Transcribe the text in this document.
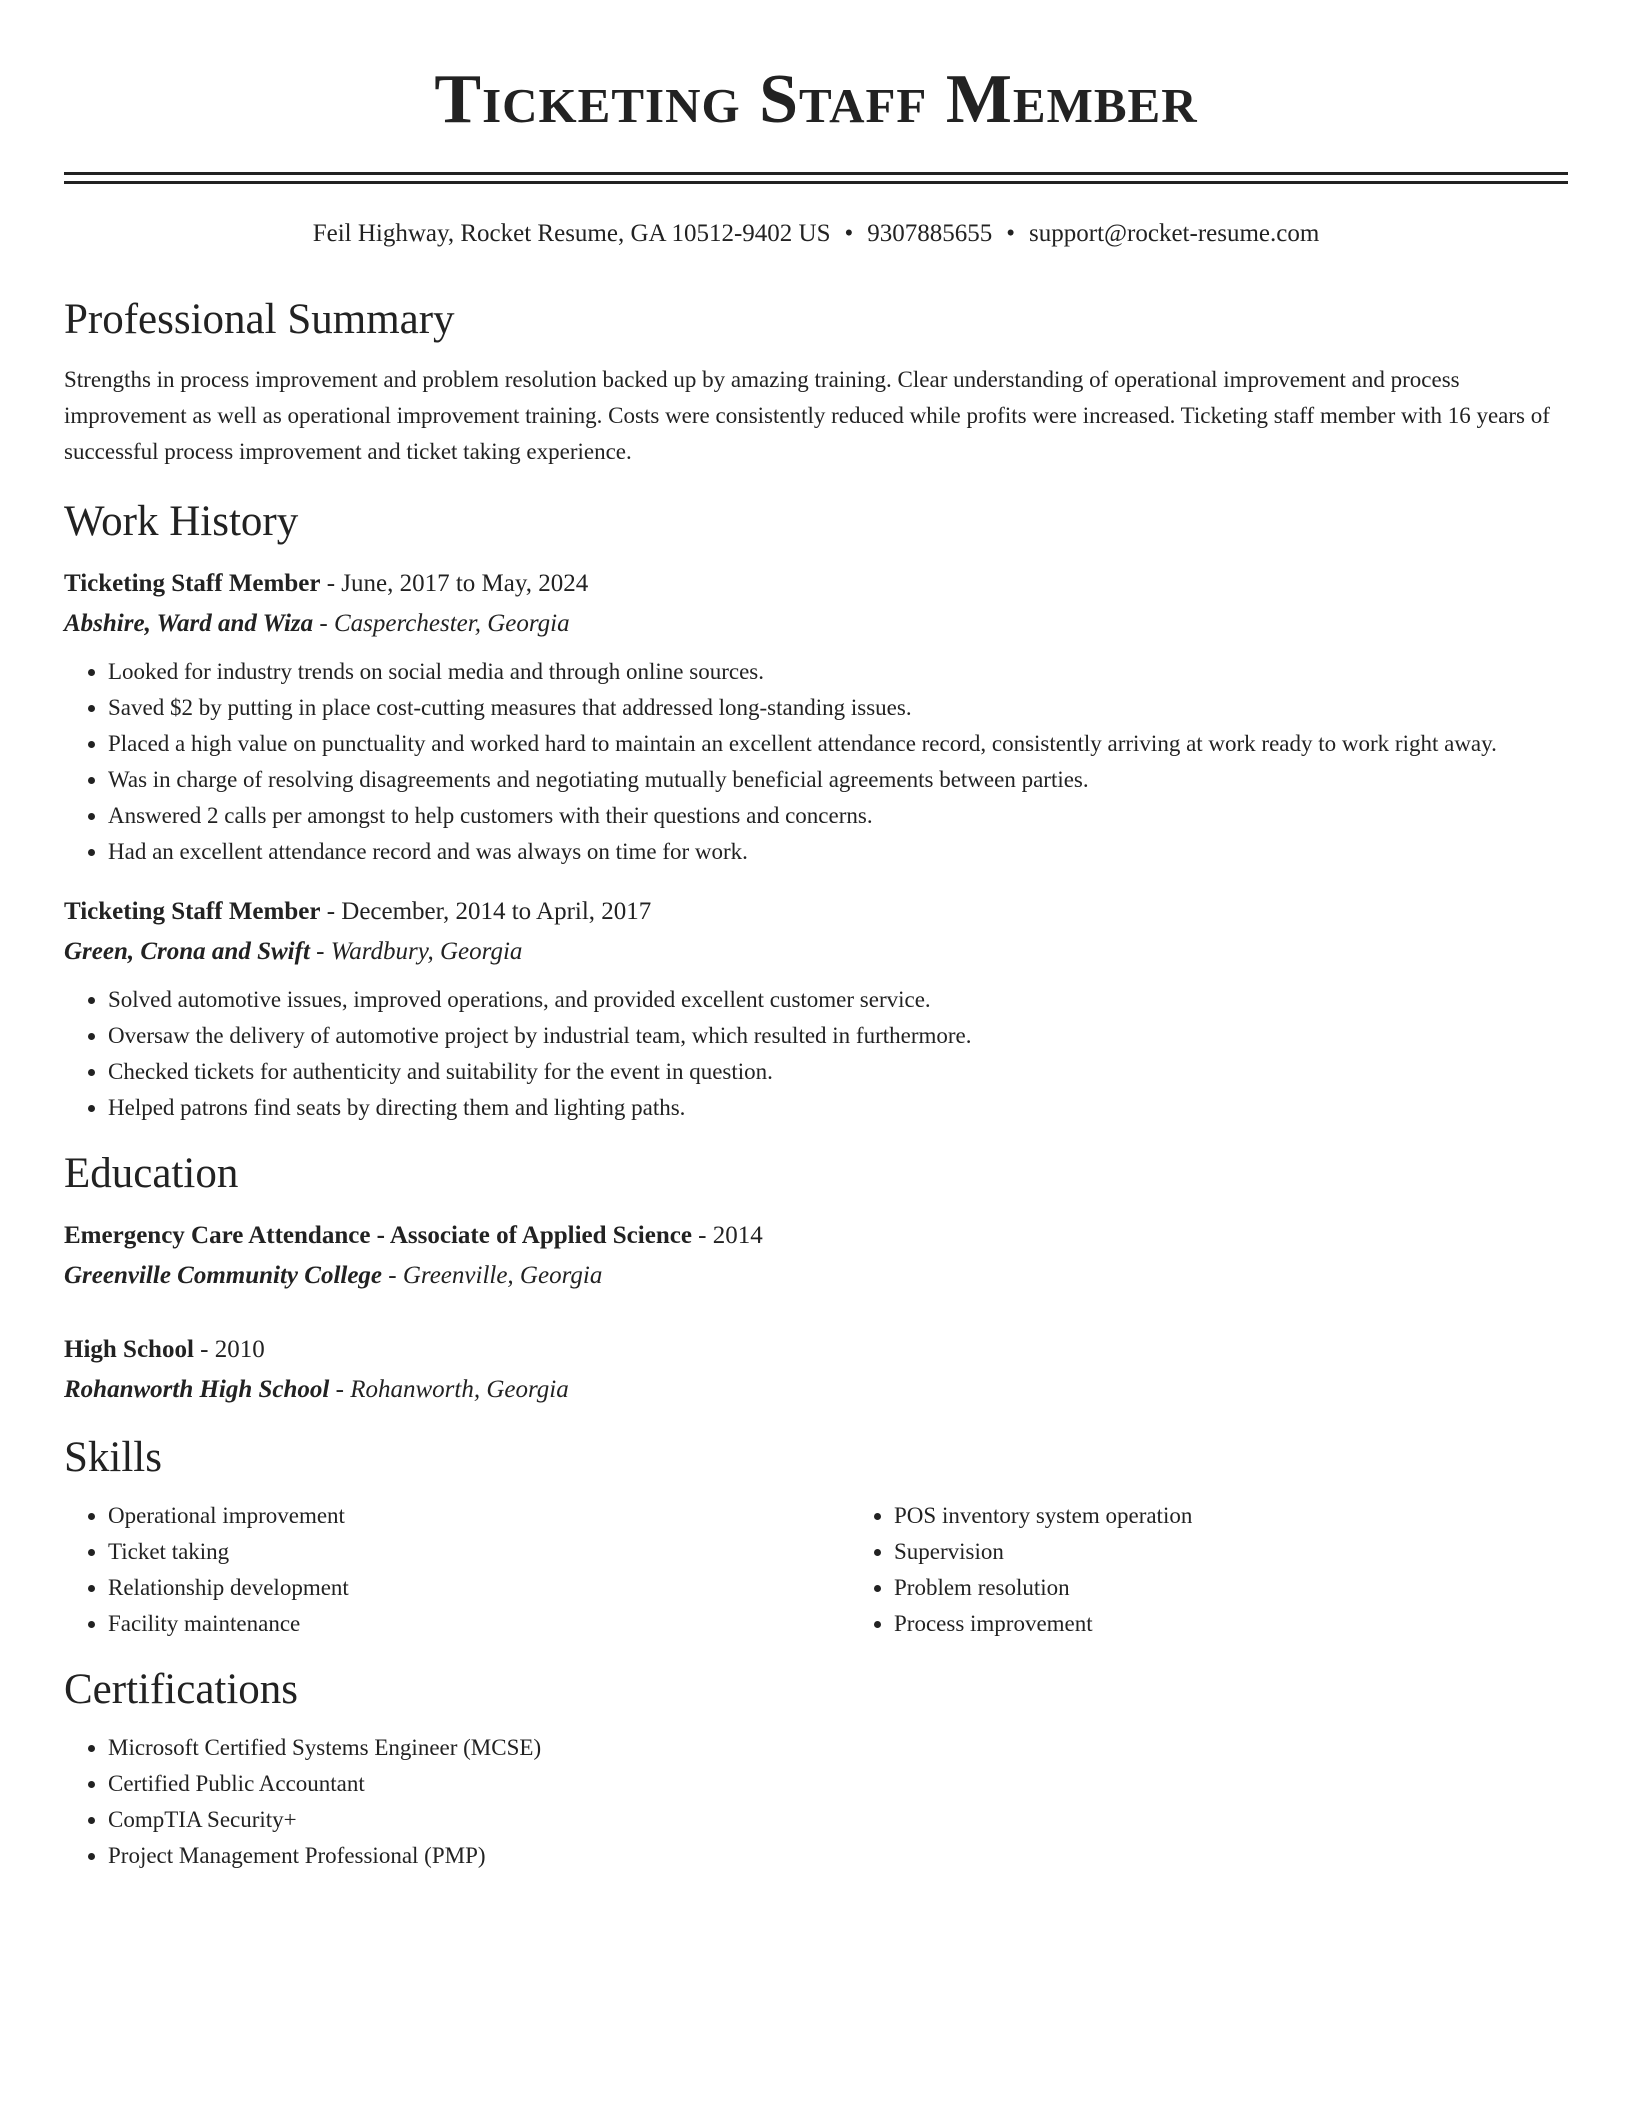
Ticketing Staff Member
Feil Highway, Rocket Resume, GA 10512-9402 US • 9307885655 • support@rocket-resume.com
Professional Summary
Strengths in process improvement and problem resolution backed up by amazing training. Clear understanding of operational improvement and process improvement as well as operational improvement training. Costs were consistently reduced while profits were increased. Ticketing staff member with 16 years of successful process improvement and ticket taking experience.
Work History
Ticketing Staff Member - June, 2017 to May, 2024
Abshire, Ward and Wiza - Casperchester, Georgia
• Looked for industry trends on social media and through online sources.
• Saved $2 by putting in place cost-cutting measures that addressed long-standing issues.
• Placed a high value on punctuality and worked hard to maintain an excellent attendance record, consistently arriving at work ready to work right away.
• Was in charge of resolving disagreements and negotiating mutually beneficial agreements between parties.
• Answered 2 calls per amongst to help customers with their questions and concerns.
• Had an excellent attendance record and was always on time for work.
Ticketing Staff Member - December, 2014 to April, 2017
Green, Crona and Swift - Wardbury, Georgia
• Solved automotive issues, improved operations, and provided excellent customer service.
• Oversaw the delivery of automotive project by industrial team, which resulted in furthermore.
• Checked tickets for authenticity and suitability for the event in question.
• Helped patrons find seats by directing them and lighting paths.
Education
Emergency Care Attendance - Associate of Applied Science - 2014
Greenville Community College - Greenville, Georgia
High School - 2010
Rohanworth High School - Rohanworth, Georgia
Skills
• Operational improvement
• Ticket taking
• Relationship development
• Facility maintenance
• POS inventory system operation
• Supervision
• Problem resolution
• Process improvement
Certifications
• Microsoft Certified Systems Engineer (MCSE)
• Certified Public Accountant
• CompTIA Security+
• Project Management Professional (PMP)
